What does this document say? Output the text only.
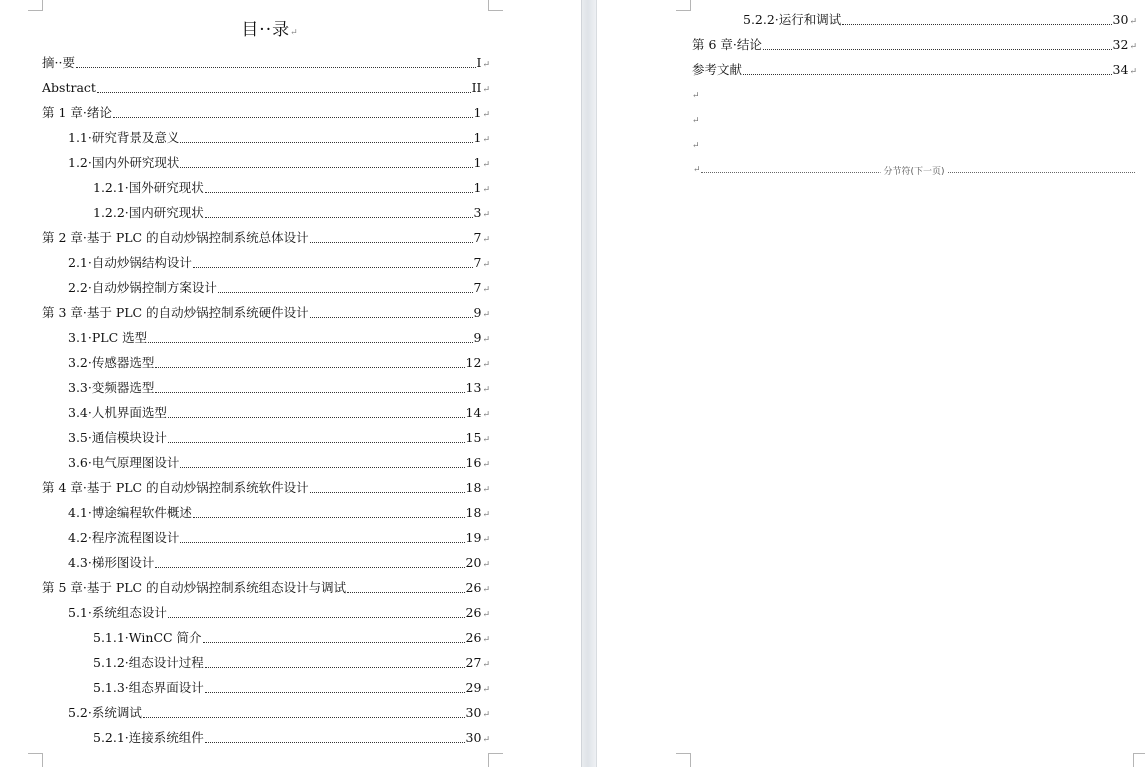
目··录↵
摘··要	I ↵
Abstract	II ↵
第 1 章·绪论	1 ↵
1.1·研究背景及意义	1 ↵
1.2·国内外研究现状	1 ↵
1.2.1·国外研究现状	1 ↵
1.2.2·国内研究现状	3 ↵
第 2 章·基于 PLC 的自动炒锅控制系统总体设计	7 ↵
2.1·自动炒锅结构设计	7 ↵
2.2·自动炒锅控制方案设计	7 ↵
第 3 章·基于 PLC 的自动炒锅控制系统硬件设计	9 ↵
3.1·PLC 选型	9 ↵
3.2·传感器选型	12 ↵
3.3·变频器选型	13 ↵
3.4·人机界面选型	14 ↵
3.5·通信模块设计	15 ↵
3.6·电气原理图设计	16 ↵
第 4 章·基于 PLC 的自动炒锅控制系统软件设计	18 ↵
4.1·博途编程软件概述	18 ↵
4.2·程序流程图设计	19 ↵
4.3·梯形图设计	20 ↵
第 5 章·基于 PLC 的自动炒锅控制系统组态设计与调试	26 ↵
5.1·系统组态设计	26 ↵
5.1.1·WinCC 简介	26 ↵
5.1.2·组态设计过程	27 ↵
5.1.3·组态界面设计	29 ↵
5.2·系统调试	30 ↵
5.2.1·连接系统组件	30 ↵
5.2.2·运行和调试	30 ↵
第 6 章·结论	32 ↵
参考文献	34 ↵
↵
↵
↵
↵	分节符(下一页)
